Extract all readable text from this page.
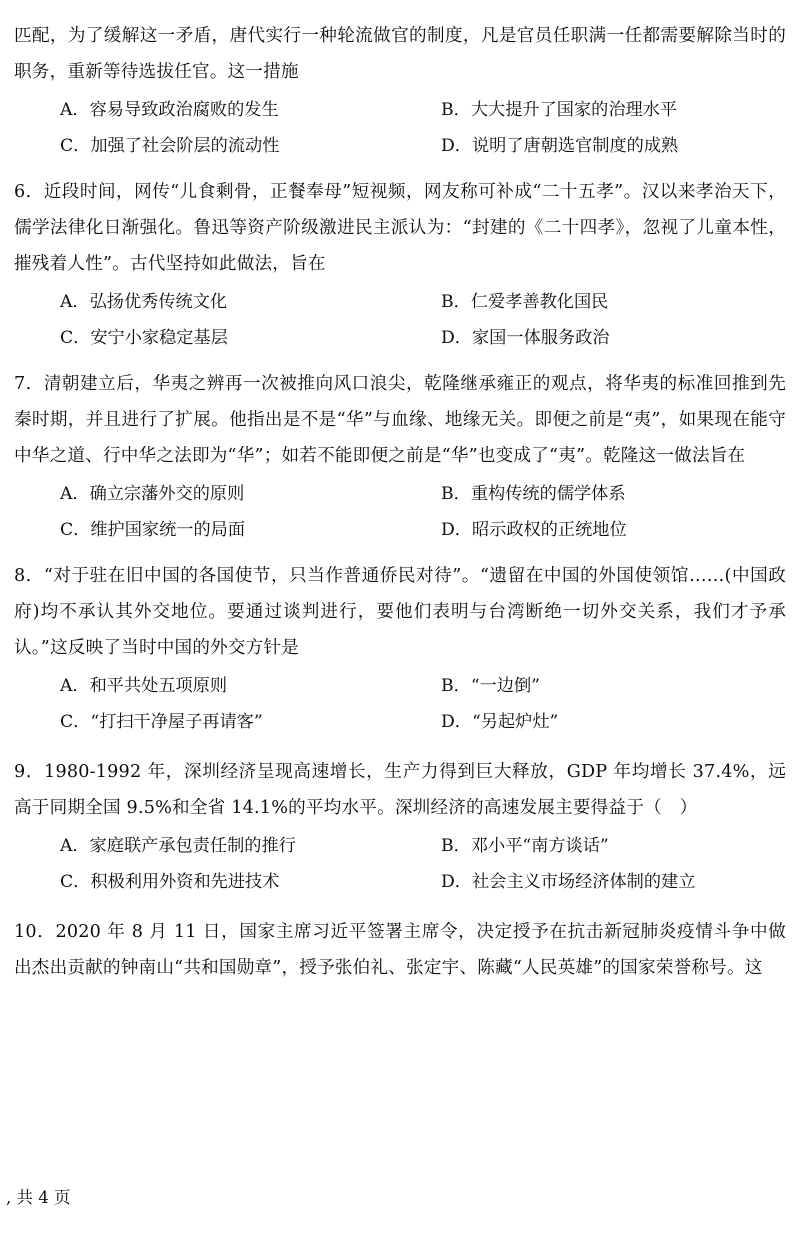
匹配，为了缓解这一矛盾，唐代实行一种轮流做官的制度，凡是官员任职满一任都需要解除当时的职务，重新等待选拔任官。这一措施

A．容易导致政治腐败的发生	B．大大提升了国家的治理水平
C．加强了社会阶层的流动性	D．说明了唐朝选官制度的成熟

6．近段时间，网传“儿食剩骨，正餐奉母”短视频，网友称可补成“二十五孝”。汉以来孝治天下，儒学法律化日渐强化。鲁迅等资产阶级激进民主派认为：“封建的《二十四孝》，忽视了儿童本性，摧残着人性”。古代坚持如此做法，旨在

A．弘扬优秀传统文化	B．仁爱孝善教化国民
C．安宁小家稳定基层	D．家国一体服务政治

7．清朝建立后，华夷之辨再一次被推向风口浪尖，乾隆继承雍正的观点，将华夷的标准回推到先秦时期，并且进行了扩展。他指出是不是“华”与血缘、地缘无关。即便之前是“夷”，如果现在能守中华之道、行中华之法即为“华”；如若不能即便之前是“华”也变成了“夷”。乾隆这一做法旨在

A．确立宗藩外交的原则	B．重构传统的儒学体系
C．维护国家统一的局面	D．昭示政权的正统地位

8．“对于驻在旧中国的各国使节，只当作普通侨民对待”。“遗留在中国的外国使领馆……(中国政府)均不承认其外交地位。要通过谈判进行，要他们表明与台湾断绝一切外交关系，我们才予承认。”这反映了当时中国的外交方针是

A．和平共处五项原则	B．“一边倒”
C．“打扫干净屋子再请客”	D．“另起炉灶”

9．1980-1992 年，深圳经济呈现高速增长，生产力得到巨大释放，GDP 年均增长 37.4%，远高于同期全国 9.5%和全省 14.1%的平均水平。深圳经济的高速发展主要得益于（　）

A．家庭联产承包责任制的推行	B．邓小平“南方谈话”
C．积极利用外资和先进技术	D．社会主义市场经济体制的建立

10．2020 年 8 月 11 日，国家主席习近平签署主席令，决定授予在抗击新冠肺炎疫情斗争中做出杰出贡献的钟南山“共和国勋章”，授予张伯礼、张定宇、陈藏“人民英雄”的国家荣誉称号。这

, 共 4 页
